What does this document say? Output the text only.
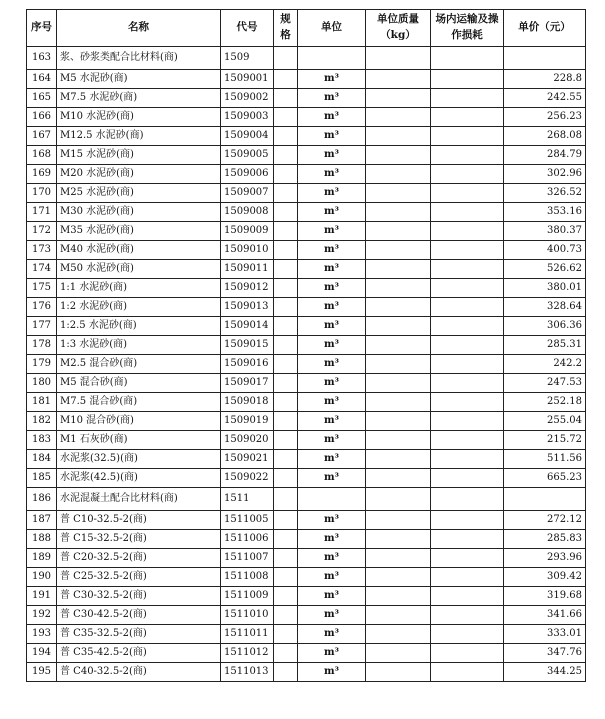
序号	名称	代号	规格	单位	单位质量（kg）	场内运输及操作损耗	单价（元）
163	浆、砂浆类配合比材料(商)	1509					
164	M5 水泥砂(商)	1509001		m³			228.8
165	M7.5 水泥砂(商)	1509002		m³			242.55
166	M10 水泥砂(商)	1509003		m³			256.23
167	M12.5 水泥砂(商)	1509004		m³			268.08
168	M15 水泥砂(商)	1509005		m³			284.79
169	M20 水泥砂(商)	1509006		m³			302.96
170	M25 水泥砂(商)	1509007		m³			326.52
171	M30 水泥砂(商)	1509008		m³			353.16
172	M35 水泥砂(商)	1509009		m³			380.37
173	M40 水泥砂(商)	1509010		m³			400.73
174	M50 水泥砂(商)	1509011		m³			526.62
175	1:1 水泥砂(商)	1509012		m³			380.01
176	1:2 水泥砂(商)	1509013		m³			328.64
177	1:2.5 水泥砂(商)	1509014		m³			306.36
178	1:3 水泥砂(商)	1509015		m³			285.31
179	M2.5 混合砂(商)	1509016		m³			242.2
180	M5 混合砂(商)	1509017		m³			247.53
181	M7.5 混合砂(商)	1509018		m³			252.18
182	M10 混合砂(商)	1509019		m³			255.04
183	M1 石灰砂(商)	1509020		m³			215.72
184	水泥浆(32.5)(商)	1509021		m³			511.56
185	水泥浆(42.5)(商)	1509022		m³			665.23
186	水泥混凝土配合比材料(商)	1511					
187	普 C10-32.5-2(商)	1511005		m³			272.12
188	普 C15-32.5-2(商)	1511006		m³			285.83
189	普 C20-32.5-2(商)	1511007		m³			293.96
190	普 C25-32.5-2(商)	1511008		m³			309.42
191	普 C30-32.5-2(商)	1511009		m³			319.68
192	普 C30-42.5-2(商)	1511010		m³			341.66
193	普 C35-32.5-2(商)	1511011		m³			333.01
194	普 C35-42.5-2(商)	1511012		m³			347.76
195	普 C40-32.5-2(商)	1511013		m³			344.25
